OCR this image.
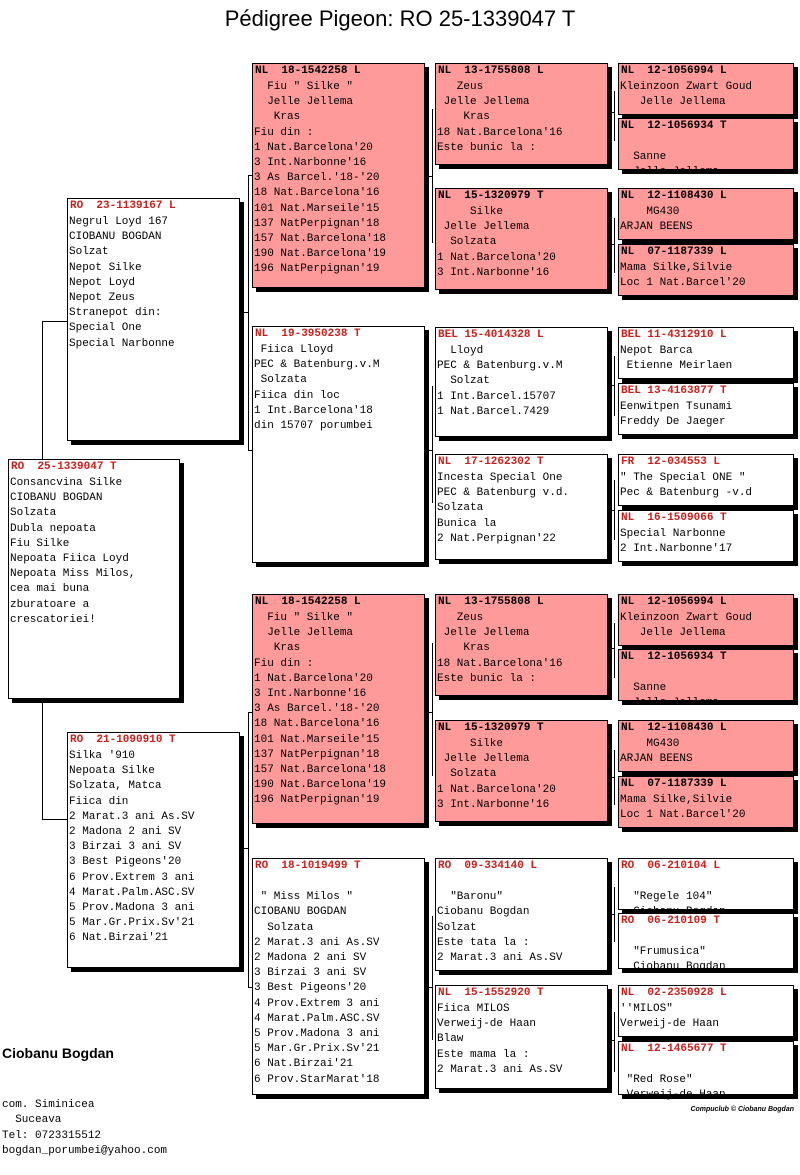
Pédigree Pigeon: RO 25-1339047 T
RO  25-1339047 T
Consancvina Silke
CIOBANU BOGDAN
Solzata
Dubla nepoata
Fiu Silke
Nepoata Fiica Loyd
Nepoata Miss Milos,
cea mai buna
zburatoare a
crescatoriei!
RO  23-1139167 L
Negrul Loyd 167
CIOBANU BOGDAN
Solzat
Nepot Silke
Nepot Loyd
Nepot Zeus
Stranepot din:
Special One
Special Narbonne
RO  21-1090910 T
Silka '910
Nepoata Silke
Solzata, Matca
Fiica din
2 Marat.3 ani As.SV
2 Madona 2 ani SV
3 Birzai 3 ani SV
3 Best Pigeons'20
6 Prov.Extrem 3 ani
4 Marat.Palm.ASC.SV
5 Prov.Madona 3 ani
5 Mar.Gr.Prix.Sv'21
6 Nat.Birzai'21
NL  18-1542258 L
Fiu " Silke "
Jelle Jellema
Kras
Fiu din :
1 Nat.Barcelona'20
3 Int.Narbonne'16
3 As Barcel.'18-'20
18 Nat.Barcelona'16
101 Nat.Marseile'15
137 NatPerpignan'18
157 Nat.Barcelona'18
190 Nat.Barcelona'19
196 NatPerpignan'19
NL  19-3950238 T
Fiica Lloyd
PEC & Batenburg.v.M
Solzata
Fiica din loc
1 Int.Barcelona'18
din 15707 porumbei
NL  18-1542258 L
Fiu " Silke "
Jelle Jellema
Kras
Fiu din :
1 Nat.Barcelona'20
3 Int.Narbonne'16
3 As Barcel.'18-'20
18 Nat.Barcelona'16
101 Nat.Marseile'15
137 NatPerpignan'18
157 Nat.Barcelona'18
190 Nat.Barcelona'19
196 NatPerpignan'19
RO  18-1019499 T

" Miss Milos "
CIOBANU BOGDAN
Solzata
2 Marat.3 ani As.SV
2 Madona 2 ani SV
3 Birzai 3 ani SV
3 Best Pigeons'20
4 Prov.Extrem 3 ani
4 Marat.Palm.ASC.SV
5 Prov.Madona 3 ani
5 Mar.Gr.Prix.Sv'21
6 Nat.Birzai'21
6 Prov.StarMarat'18
NL  13-1755808 L
Zeus
Jelle Jellema
Kras
18 Nat.Barcelona'16
Este bunic la :
NL  15-1320979 T
Silke
Jelle Jellema
Solzata
1 Nat.Barcelona'20
3 Int.Narbonne'16
BEL 15-4014328 L
Lloyd
PEC & Batenburg.v.M
Solzat
1 Int.Barcel.15707
1 Nat.Barcel.7429
NL  17-1262302 T
Incesta Special One
PEC & Batenburg v.d.
Solzata
Bunica la
2 Nat.Perpignan'22
NL  13-1755808 L
Zeus
Jelle Jellema
Kras
18 Nat.Barcelona'16
Este bunic la :
NL  15-1320979 T
Silke
Jelle Jellema
Solzata
1 Nat.Barcelona'20
3 Int.Narbonne'16
RO  09-334140 L

"Baronu"
Ciobanu Bogdan
Solzat
Este tata la :
2 Marat.3 ani As.SV
NL  15-1552920 T
Fiica MILOS
Verweij-de Haan
Blaw
Este mama la :
2 Marat.3 ani As.SV
NL  12-1056994 L
Kleinzoon Zwart Goud
Jelle Jellema
NL  12-1056934 T

Sanne
Jelle Jellema
NL  12-1108430 L
MG430
ARJAN BEENS
NL  07-1187339 L
Mama Silke,Silvie
Loc 1 Nat.Barcel'20
BEL 11-4312910 L
Nepot Barca
Etienne Meirlaen
BEL 13-4163877 T
Eenwitpen Tsunami
Freddy De Jaeger
FR  12-034553 L
" The Special ONE "
Pec & Batenburg -v.d
NL  16-1509066 T
Special Narbonne
2 Int.Narbonne'17
NL  12-1056994 L
Kleinzoon Zwart Goud
Jelle Jellema
NL  12-1056934 T

Sanne
Jelle Jellema
NL  12-1108430 L
MG430
ARJAN BEENS
NL  07-1187339 L
Mama Silke,Silvie
Loc 1 Nat.Barcel'20
RO  06-210104 L

"Regele 104"
RO  06-210109 T

"Frumusica"
Ciobanu Bogdan
NL  02-2350928 L
''MILOS"
Verweij-de Haan
NL  12-1465677 T

"Red Rose"
Verweij-de Haan

Ciobanu Bogdan

com. Siminicea
Suceava
Tel: 0723315512
bogdan_porumbei@yahoo.com

Compuclub © Ciobanu Bogdan
